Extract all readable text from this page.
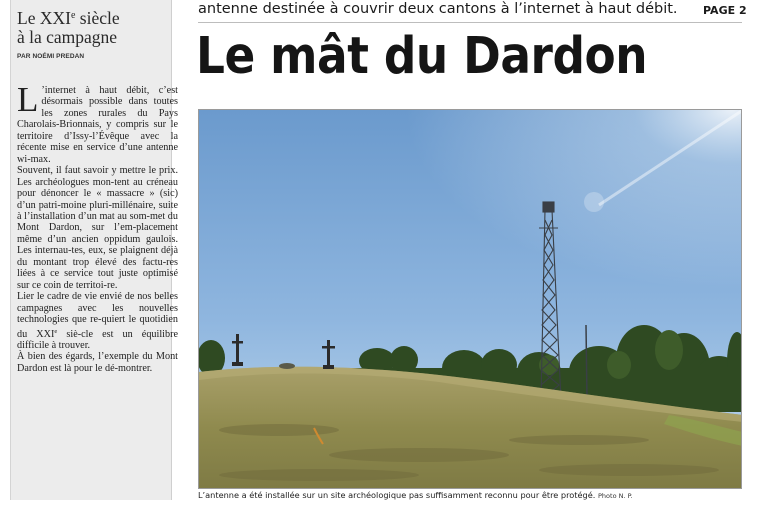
Le XXIe siècle
à la campagne
PAR NOÉMI PREDAN

L ’internet à haut débit, c’est désormais possible dans toutes les zones rurales du Pays Charolais-Brionnais, y compris sur le territoire d’Issy-l’Évêque avec la récente mise en service d’une antenne wi-max.
Souvent, il faut savoir y mettre le prix. Les archéologues mon-tent au créneau pour dénoncer le « massacre » (sic) d’un patri-moine pluri-millénaire, suite à l’installation d’un mat au som-met du Mont Dardon, sur l’em-placement même d’un ancien oppidum gaulois. Les internau-tes, eux, se plaignent déjà du montant trop élevé des factu-res liées à ce service tout juste optimisé sur ce coin de territoi-re.

Lier le cadre de vie envié de nos belles campagnes avec les nouvelles technologies que re-quiert le quotidien du XXIe siè-cle est un équilibre difficile à trouver.

À bien des égards, l’exemple du Mont Dardon est là pour le dé-montrer.

antenne destinée à couvrir deux cantons à l’internet à haut débit.	PAGE 2
Le mât du Dardon
L’antenne a été installée sur un site archéologique pas suffisamment reconnu pour être protégé. Photo N. P.
